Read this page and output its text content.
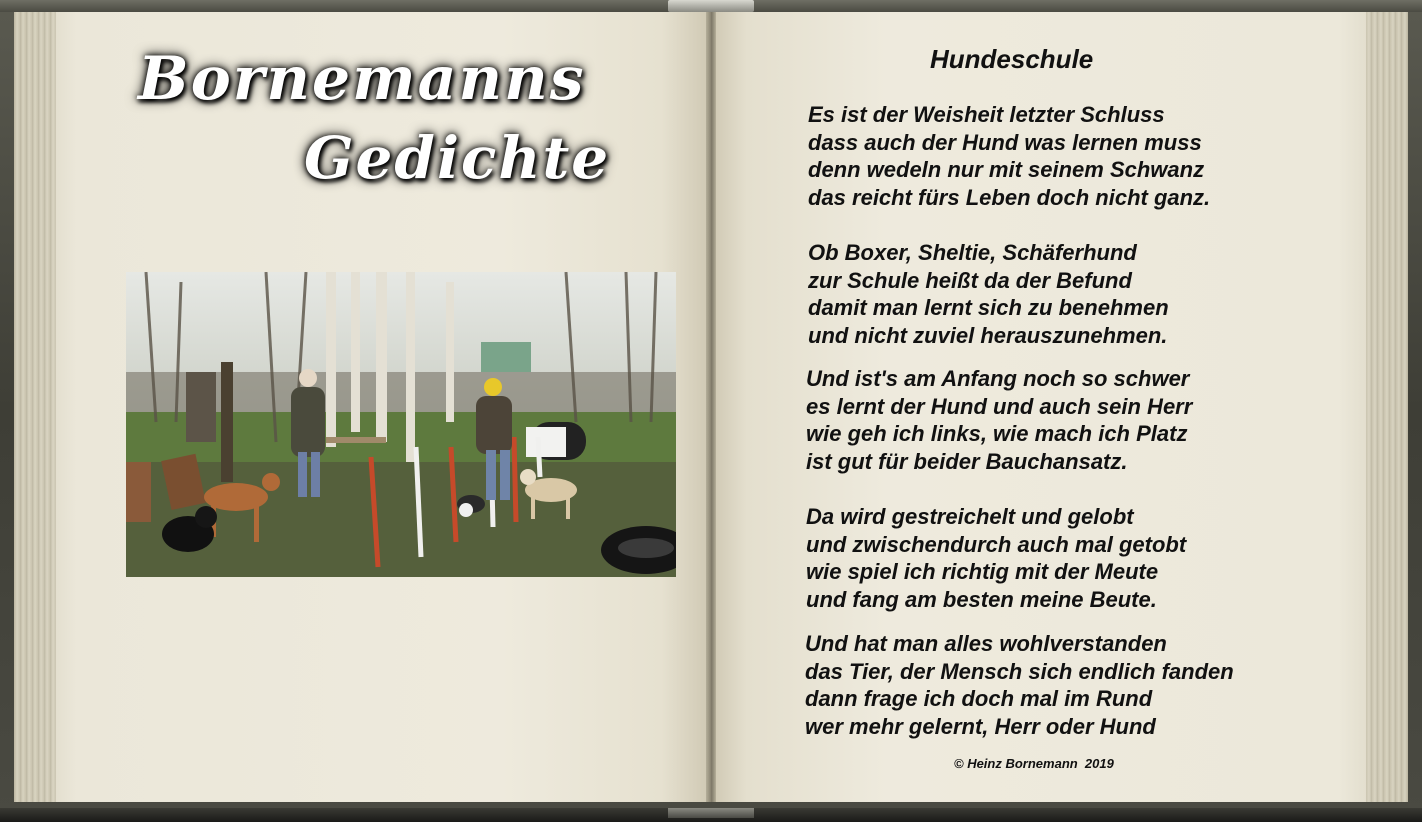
Bornemanns
Gedichte
Hundeschule
Es ist der Weisheit letzter Schluss
dass auch der Hund was lernen muss
denn wedeln nur mit seinem Schwanz
das reicht fürs Leben doch nicht ganz.
Ob Boxer, Sheltie, Schäferhund
zur Schule heißt da der Befund
damit man lernt sich zu benehmen
und nicht zuviel herauszunehmen.
Und ist's am Anfang noch so schwer
es lernt der Hund und auch sein Herr
wie geh ich links, wie mach ich Platz
ist gut für beider Bauchansatz.
Da wird gestreichelt und gelobt
und zwischendurch auch mal getobt
wie spiel ich richtig mit der Meute
und fang am besten meine Beute.
Und hat man alles wohlverstanden
das Tier, der Mensch sich endlich fanden
dann frage ich doch mal im Rund
wer mehr gelernt, Herr oder Hund
© Heinz Bornemann  2019
